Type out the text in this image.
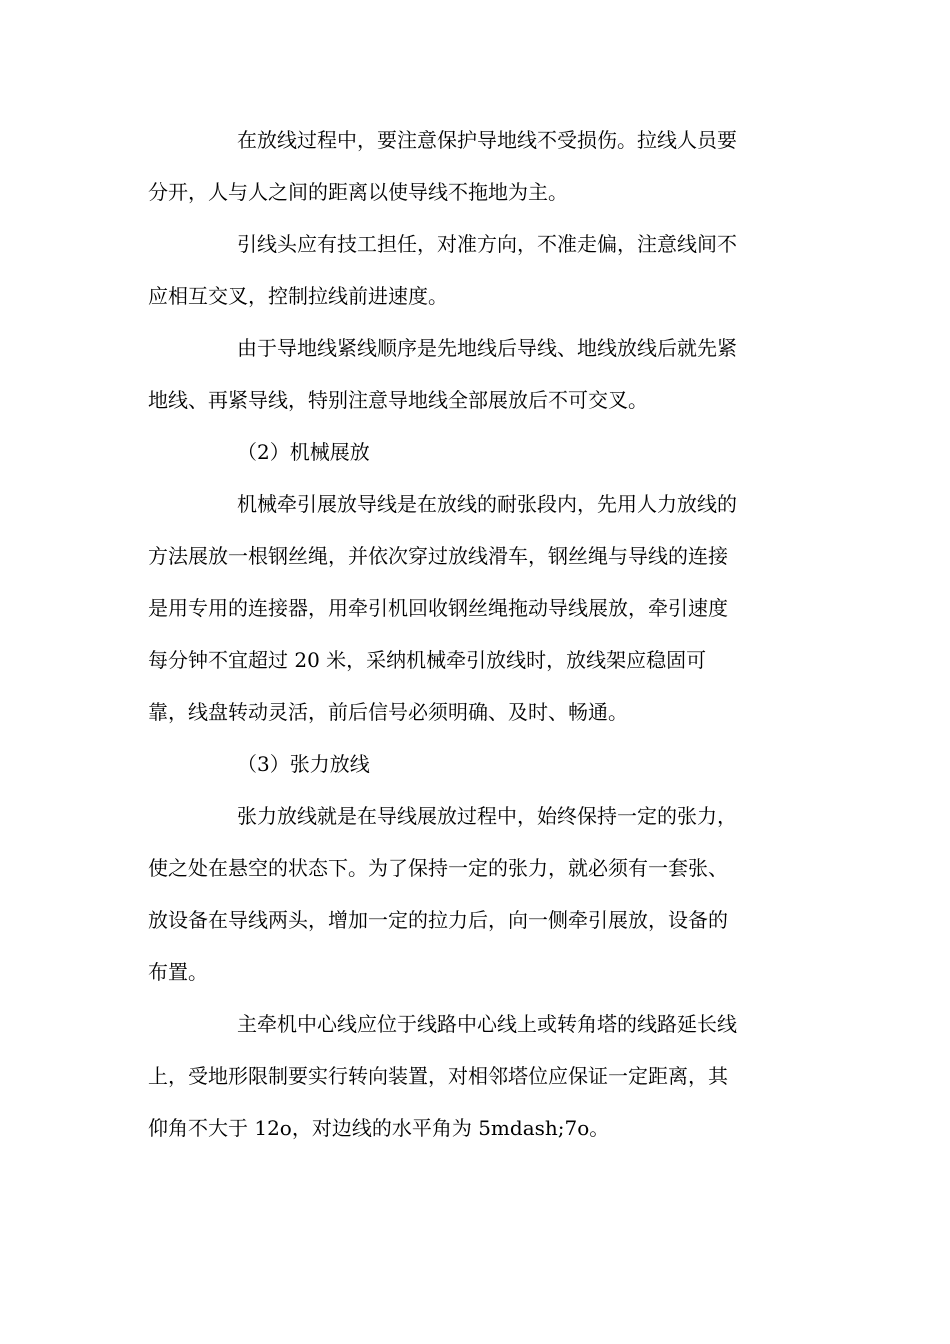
在放线过程中，要注意保护导地线不受损伤。拉线人员要
分开，人与人之间的距离以使导线不拖地为主。
引线头应有技工担任，对准方向，不准走偏，注意线间不
应相互交叉，控制拉线前进速度。
由于导地线紧线顺序是先地线后导线、地线放线后就先紧
地线、再紧导线，特别注意导地线全部展放后不可交叉。
（2）机械展放
机械牵引展放导线是在放线的耐张段内，先用人力放线的
方法展放一根钢丝绳，并依次穿过放线滑车，钢丝绳与导线的连接
是用专用的连接器，用牵引机回收钢丝绳拖动导线展放，牵引速度
每分钟不宜超过 20 米，采纳机械牵引放线时，放线架应稳固可
靠，线盘转动灵活，前后信号必须明确、及时、畅通。
（3）张力放线
张力放线就是在导线展放过程中，始终保持一定的张力，
使之处在悬空的状态下。为了保持一定的张力，就必须有一套张、
放设备在导线两头，增加一定的拉力后，向一侧牵引展放，设备的
布置。
主牵机中心线应位于线路中心线上或转角塔的线路延长线
上，受地形限制要实行转向装置，对相邻塔位应保证一定距离，其
仰角不大于 12o，对边线的水平角为 5mdash;7o。
